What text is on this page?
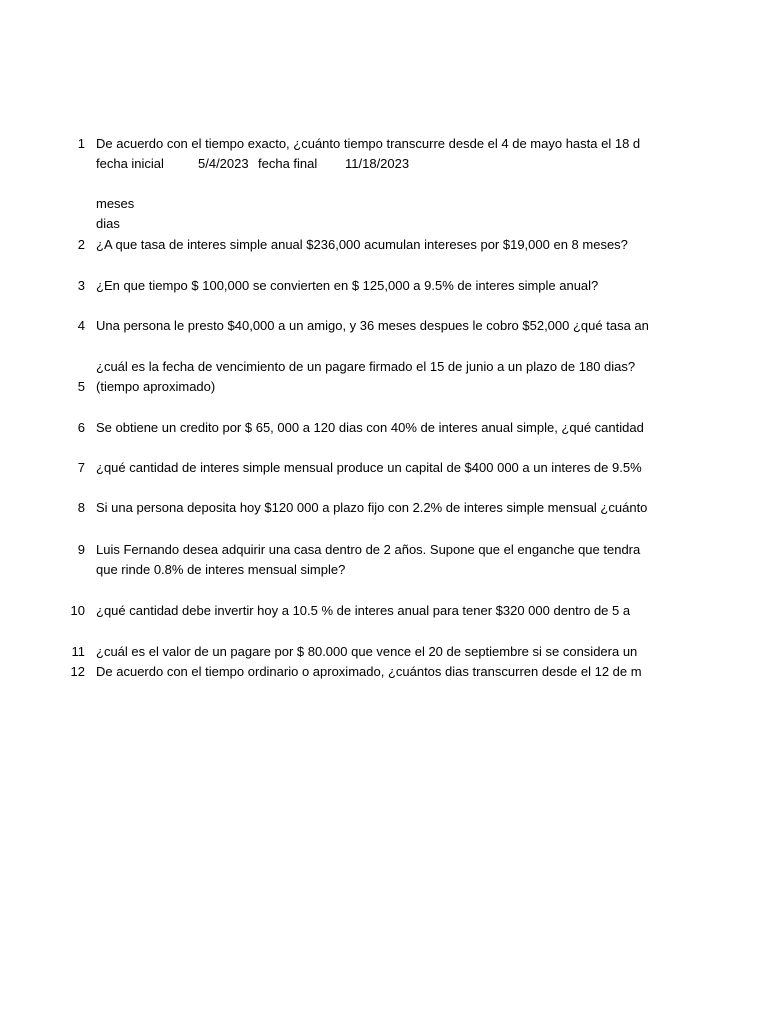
1 De acuerdo con el tiempo exacto, ¿cuánto tiempo transcurre desde el 4 de mayo hasta el 18 d
fecha inicial	5/4/2023 fecha final 11/18/2023
meses
dias
2 ¿A que tasa de interes simple anual $236,000 acumulan intereses por $19,000 en 8 meses?
3 ¿En que tiempo $ 100,000 se convierten en $ 125,000 a 9.5% de interes simple anual?
4 Una persona le presto $40,000 a un amigo, y 36 meses despues le cobro $52,000 ¿qué tasa an
¿cuál es la fecha de vencimiento de un pagare firmado el 15 de junio a un plazo de 180 dias?
5 (tiempo aproximado)
6 Se obtiene un credito por $ 65, 000 a 120 dias con 40% de interes anual simple, ¿qué cantidad
7 ¿qué cantidad de interes simple mensual produce un capital de $400 000 a un interes de 9.5%
8 Si una persona deposita hoy $120 000 a plazo fijo con 2.2% de interes simple mensual ¿cuánto
9 Luis Fernando desea adquirir una casa dentro de 2 años. Supone que el enganche que tendra
que rinde 0.8% de interes mensual simple?
10 ¿qué cantidad debe invertir hoy a 10.5 % de interes anual para tener $320 000 dentro de 5 a
11 ¿cuál es el valor de un pagare por $ 80.000 que vence el 20 de septiembre si se considera un
12 De acuerdo con el tiempo ordinario o aproximado, ¿cuántos dias transcurren desde el 12 de m
